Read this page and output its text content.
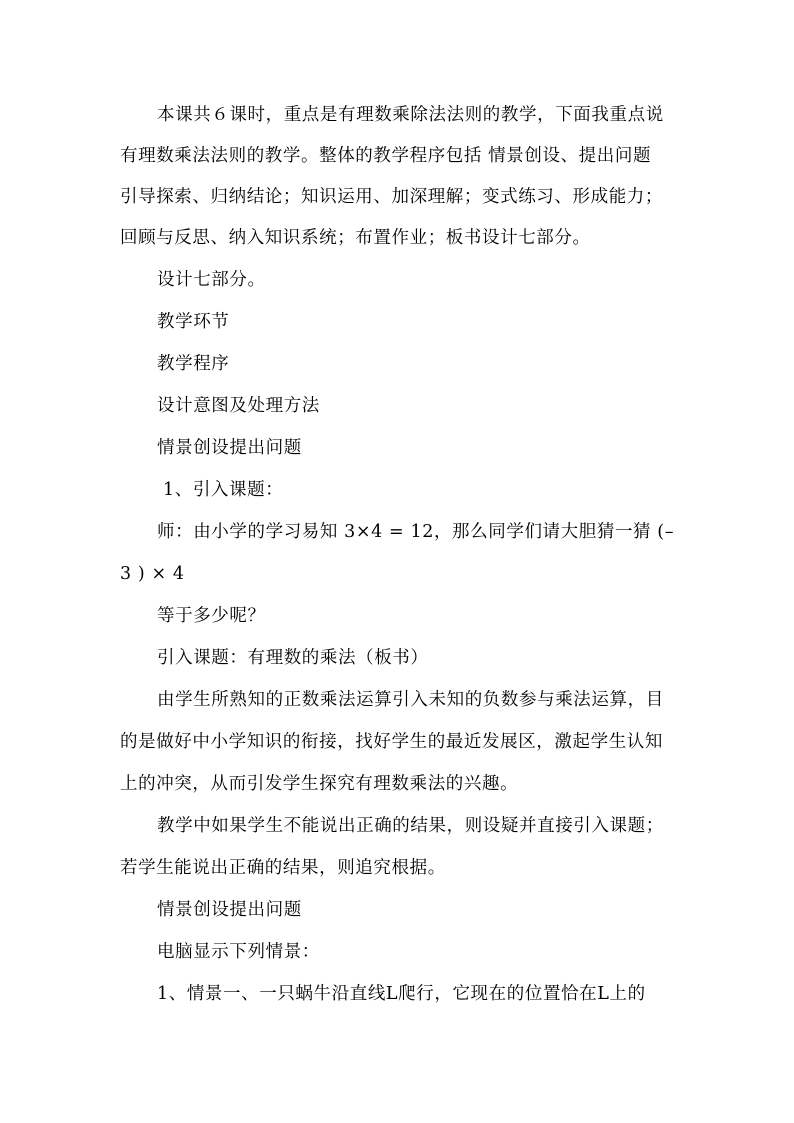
本课共６课时，重点是有理数乘除法法则的教学，下面我重点说
有理数乘法法则的教学。整体的教学程序包括 情景创设、提出问题
引导探索、归纳结论；知识运用、加深理解；变式练习、形成能力；
回顾与反思、纳入知识系统；布置作业；板书设计七部分。
设计七部分。
教学环节
教学程序
设计意图及处理方法
情景创设提出问题
1、引入课题：
师：由小学的学习易知 3×4 = 12，那么同学们请大胆猜一猜 (–
3 ) × 4
等于多少呢？
引入课题：有理数的乘法（板书）
由学生所熟知的正数乘法运算引入未知的负数参与乘法运算，目
的是做好中小学知识的衔接，找好学生的最近发展区，激起学生认知
上的冲突，从而引发学生探究有理数乘法的兴趣。
教学中如果学生不能说出正确的结果，则设疑并直接引入课题；
若学生能说出正确的结果，则追究根据。
情景创设提出问题
电脑显示下列情景：
1、情景一、一只蜗牛沿直线L爬行，它现在的位置恰在L上的
